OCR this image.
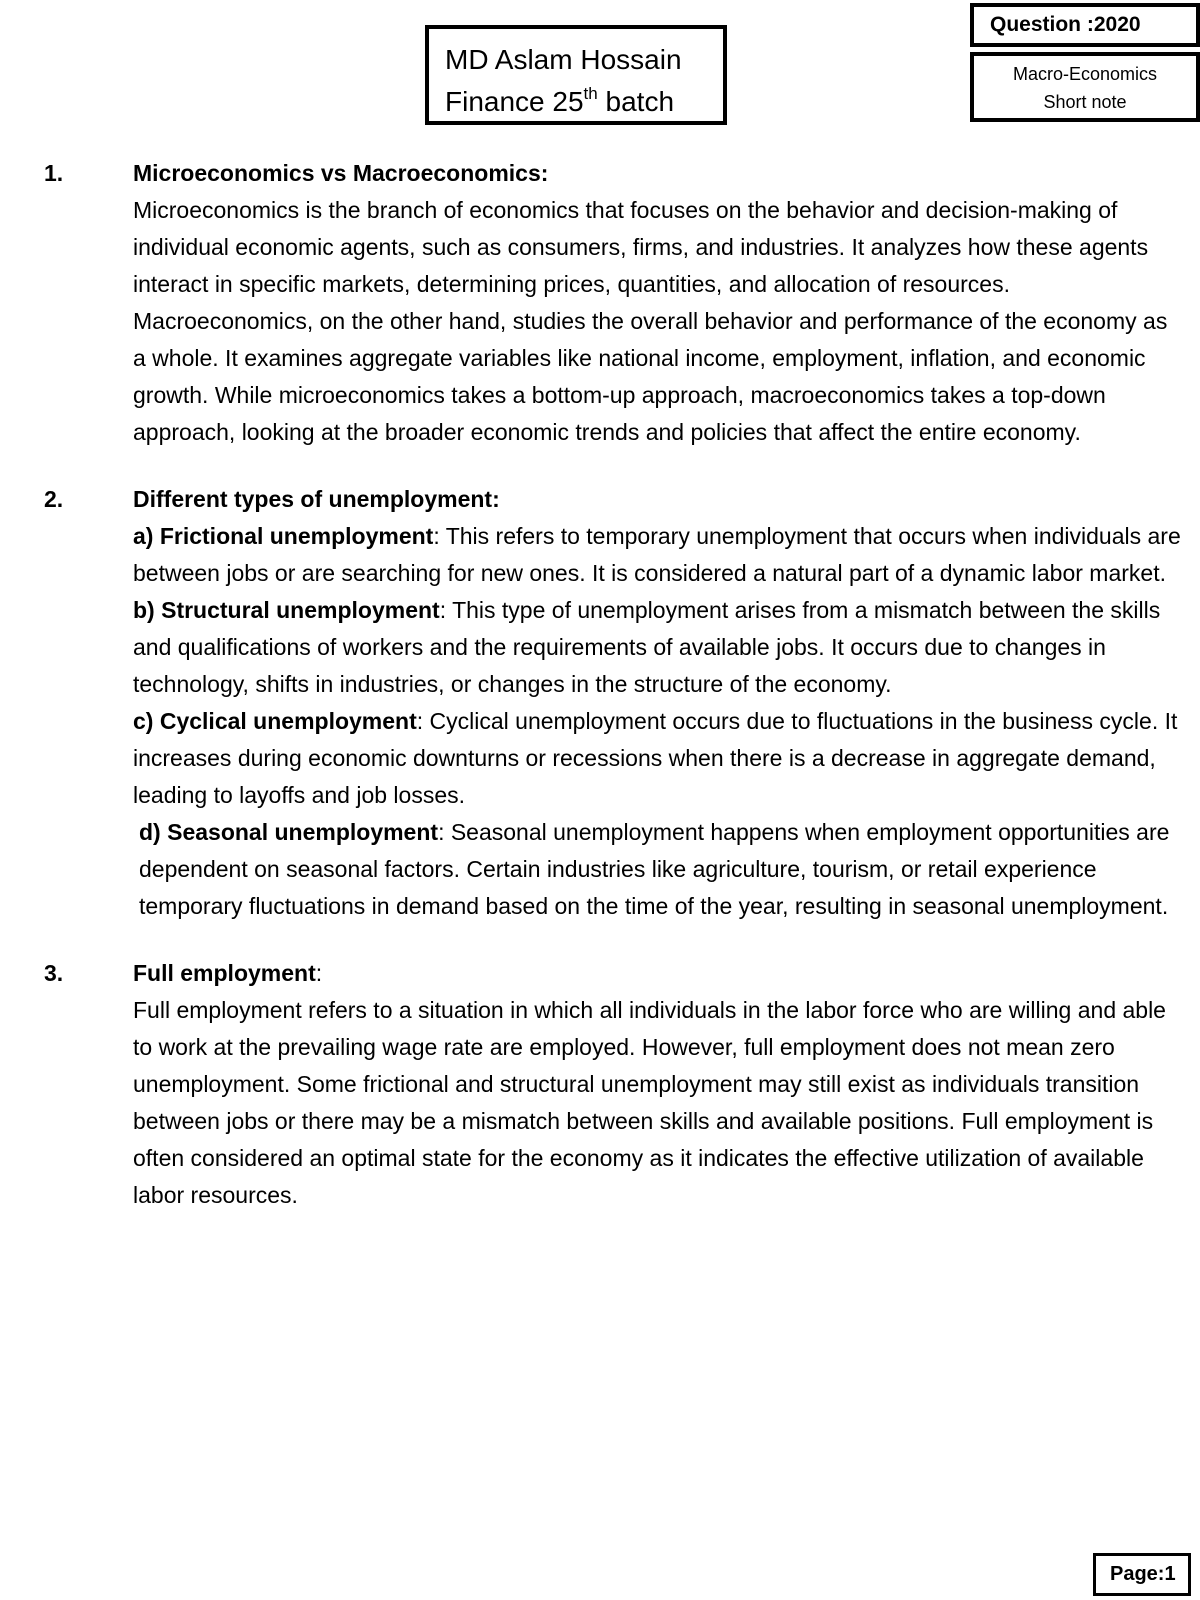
MD Aslam Hossain
Finance 25th batch
Question :2020
Macro-Economics
Short note
1.	Microeconomics vs Macroeconomics:

Microeconomics is the branch of economics that focuses on the behavior and decision-making of individual economic agents, such as consumers, firms, and industries. It analyzes how these agents interact in specific markets, determining prices, quantities, and allocation of resources. Macroeconomics, on the other hand, studies the overall behavior and performance of the economy as a whole. It examines aggregate variables like national income, employment, inflation, and economic growth. While microeconomics takes a bottom-up approach, macroeconomics takes a top-down approach, looking at the broader economic trends and policies that affect the entire economy.

2.	Different types of unemployment:

a) Frictional unemployment: This refers to temporary unemployment that occurs when individuals are between jobs or are searching for new ones. It is considered a natural part of a dynamic labor market.

b) Structural unemployment: This type of unemployment arises from a mismatch between the skills and qualifications of workers and the requirements of available jobs. It occurs due to changes in technology, shifts in industries, or changes in the structure of the economy.

c) Cyclical unemployment: Cyclical unemployment occurs due to fluctuations in the business cycle. It increases during economic downturns or recessions when there is a decrease in aggregate demand, leading to layoffs and job losses.

d) Seasonal unemployment: Seasonal unemployment happens when employment opportunities are dependent on seasonal factors. Certain industries like agriculture, tourism, or retail experience temporary fluctuations in demand based on the time of the year, resulting in seasonal unemployment.

3.	Full employment:

Full employment refers to a situation in which all individuals in the labor force who are willing and able to work at the prevailing wage rate are employed. However, full employment does not mean zero unemployment. Some frictional and structural unemployment may still exist as individuals transition between jobs or there may be a mismatch between skills and available positions. Full employment is often considered an optimal state for the economy as it indicates the effective utilization of available labor resources.

Page:1
